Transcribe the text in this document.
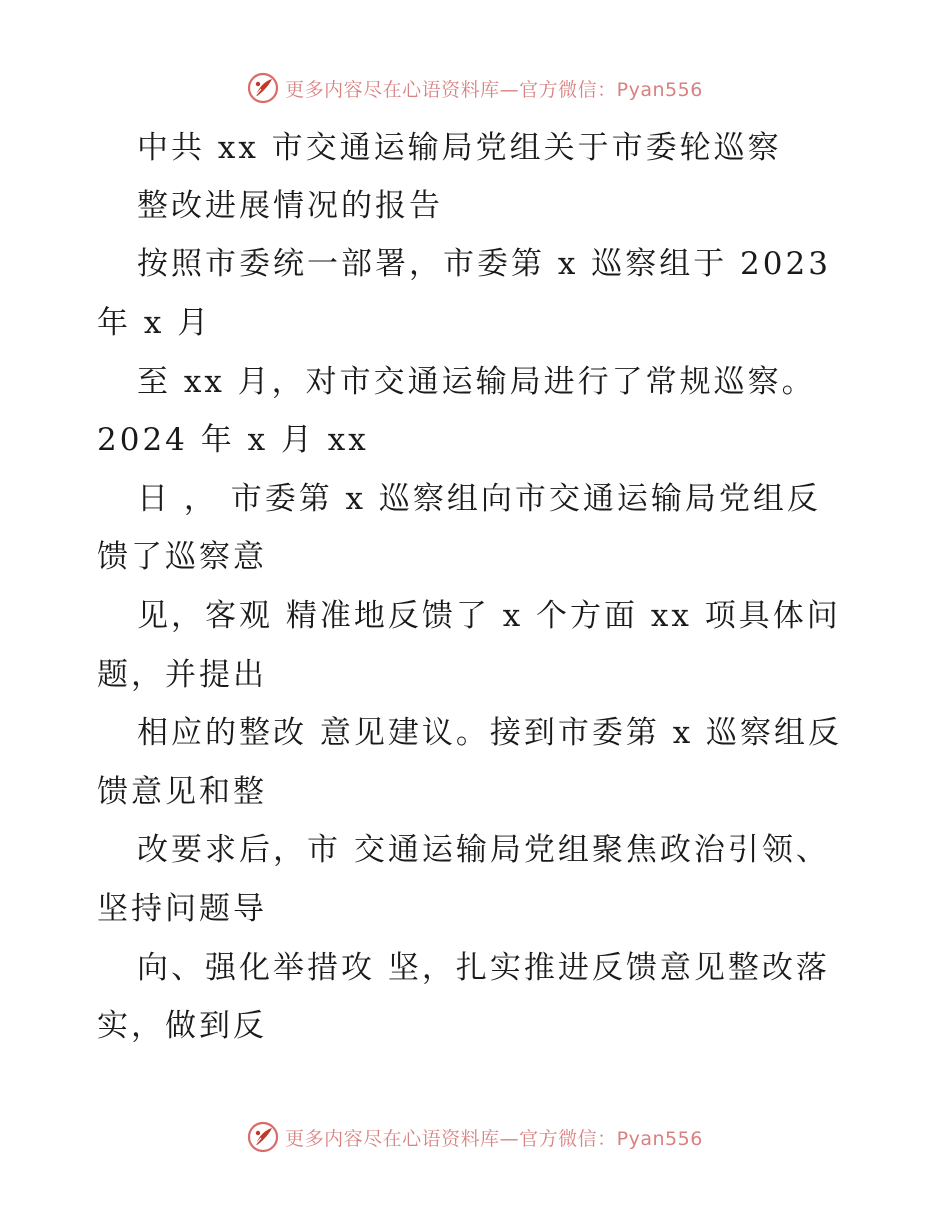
更多内容尽在心语资料库—官方微信：Pyan556
中共 xx 市交通运输局党组关于市委轮巡察
整改进展情况的报告
按照市委统一部署，市委第 x 巡察组于 2023
年 x 月
至 xx 月，对市交通运输局进行了常规巡察。
2024 年 x 月 xx
日 ， 市委第 x 巡察组向市交通运输局党组反
馈了巡察意
见，客观 精准地反馈了 x 个方面 xx 项具体问
题，并提出
相应的整改 意见建议。接到市委第 x 巡察组反
馈意见和整
改要求后，市 交通运输局党组聚焦政治引领、
坚持问题导
向、强化举措攻 坚，扎实推进反馈意见整改落
实，做到反
更多内容尽在心语资料库—官方微信：Pyan556
